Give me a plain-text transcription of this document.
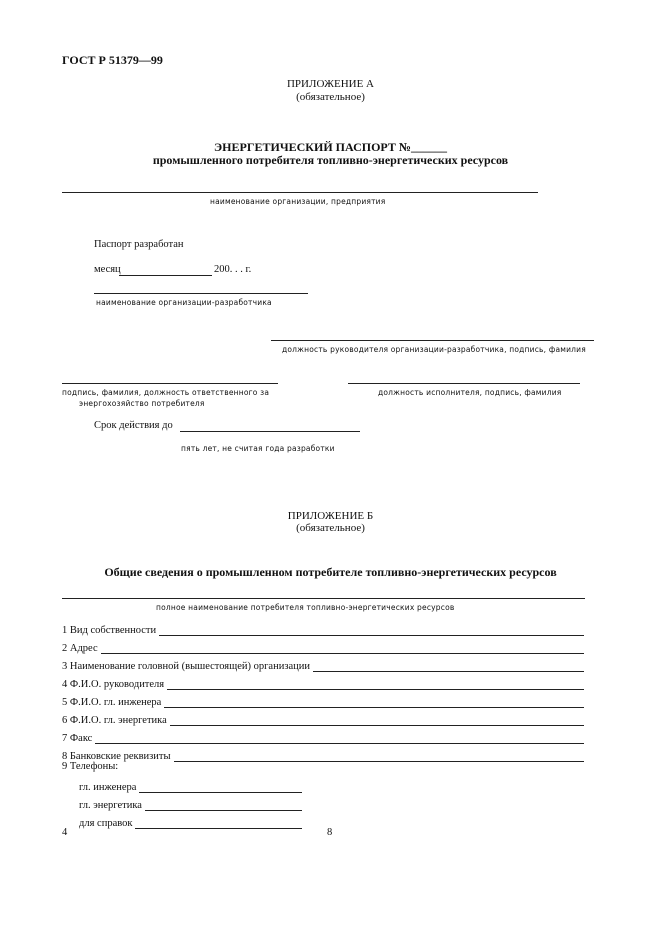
ГОСТ Р 51379—99
ПРИЛОЖЕНИЕ А
(обязательное)
ЭНЕРГЕТИЧЕСКИЙ ПАСПОРТ №______
промышленного потребителя топливно-энергетических ресурсов
наименование организации, предприятия
Паспорт разработан
месяц	200. . . г.
наименование организации-разработчика
должность руководителя организации-разработчика, подпись, фамилия
подпись, фамилия, должность ответственного за
энергохозяйство потребителя
должность исполнителя, подпись, фамилия
Срок действия до
пять лет, не считая года разработки
ПРИЛОЖЕНИЕ Б
(обязательное)
Общие сведения о промышленном потребителе топливно-энергетических ресурсов
полное наименование потребителя топливно-энергетических ресурсов
1 Вид собственности
2 Адрес
3 Наименование головной (вышестоящей) организации
4 Ф.И.О. руководителя
5 Ф.И.О. гл. инженера
6 Ф.И.О. гл. энергетика
7 Факс
8 Банковские реквизиты
9 Телефоны:
гл. инженера
гл. энергетика
для справок
4	8
